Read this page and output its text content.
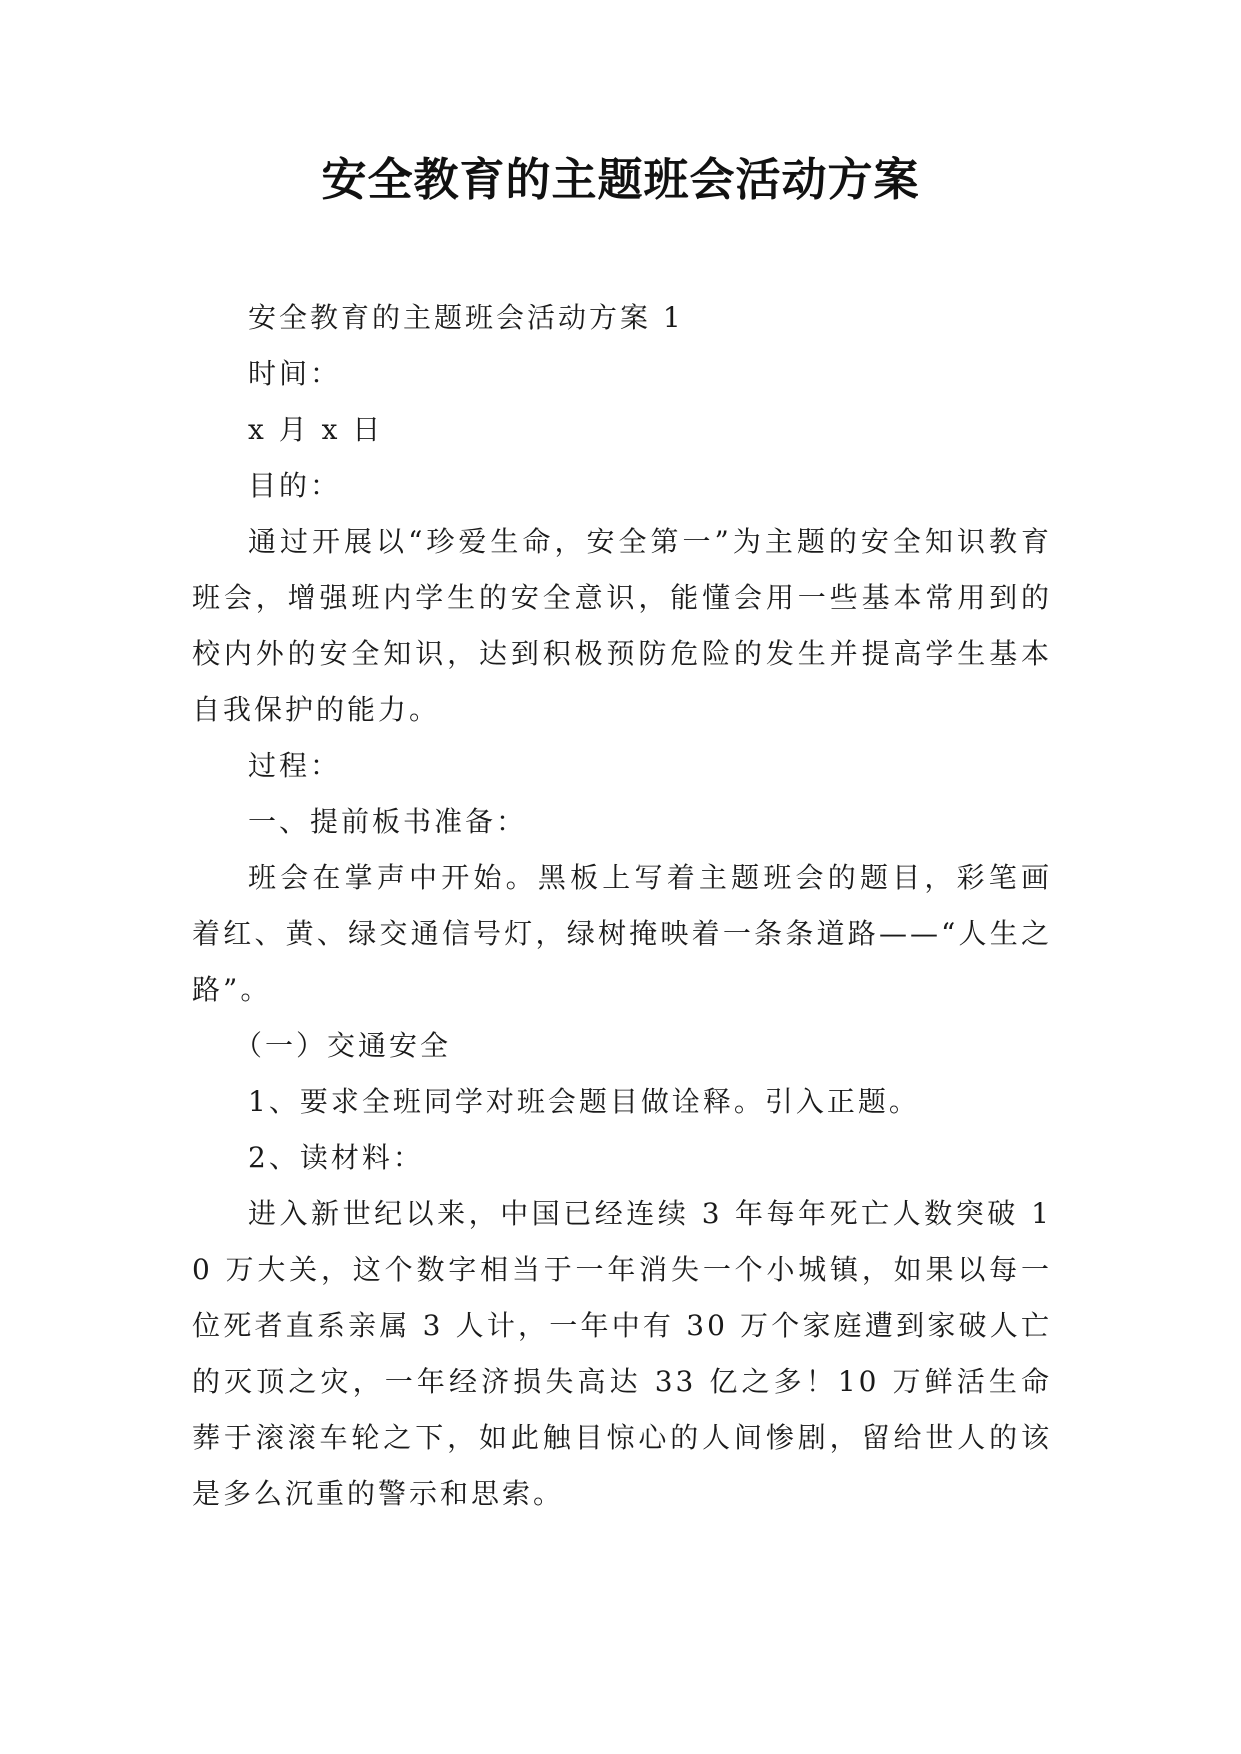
安全教育的主题班会活动方案

安全教育的主题班会活动方案 1

时间：

x 月 x 日

目的：

通过开展以“珍爱生命，安全第一”为主题的安全知识教育班会，增强班内学生的安全意识，能懂会用一些基本常用到的校内外的安全知识，达到积极预防危险的发生并提高学生基本自我保护的能力。

过程：

一、提前板书准备：

班会在掌声中开始。黑板上写着主题班会的题目，彩笔画着红、黄、绿交通信号灯，绿树掩映着一条条道路——“人生之路”。

（一）交通安全

1、要求全班同学对班会题目做诠释。引入正题。

2、读材料：

进入新世纪以来，中国已经连续 3 年每年死亡人数突破 10 万大关，这个数字相当于一年消失一个小城镇，如果以每一位死者直系亲属 3 人计，一年中有 30 万个家庭遭到家破人亡的灭顶之灾，一年经济损失高达 33 亿之多！10 万鲜活生命葬于滚滚车轮之下，如此触目惊心的人间惨剧，留给世人的该是多么沉重的警示和思索。
